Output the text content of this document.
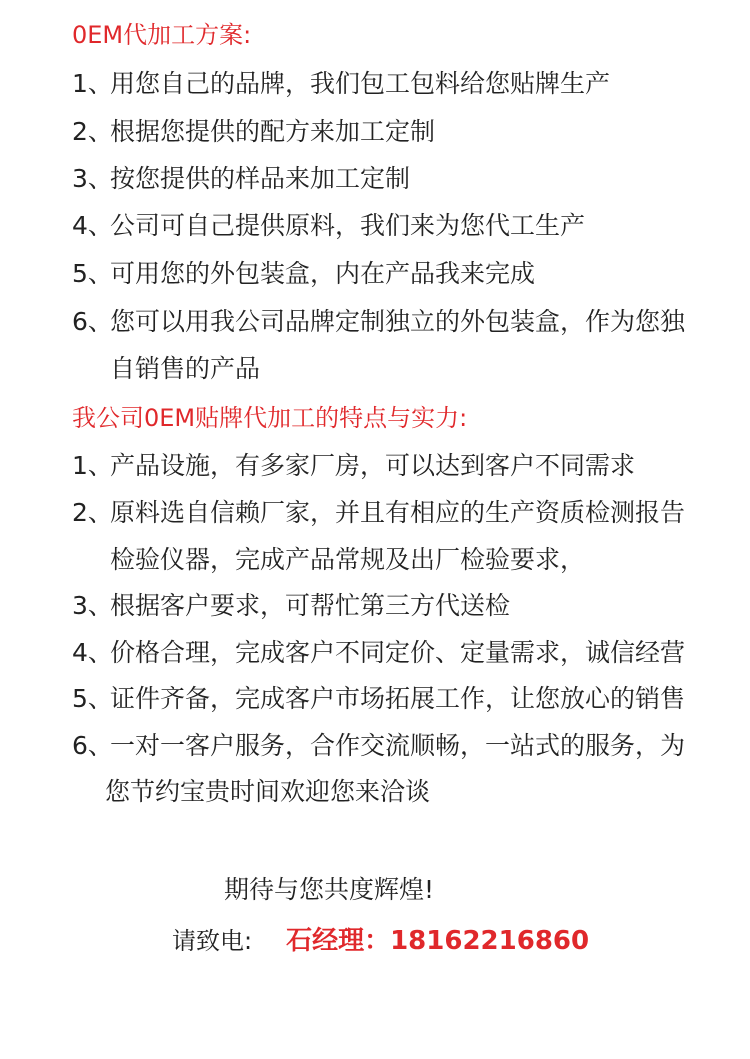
0EM代加工方案:
1、用您自己的品牌，我们包工包料给您贴牌生产
2、根据您提供的配方来加工定制
3、按您提供的样品来加工定制
4、公司可自己提供原料，我们来为您代工生产
5、可用您的外包装盒，内在产品我来完成
6、您可以用我公司品牌定制独立的外包装盒，作为您独
自销售的产品
我公司0EM贴牌代加工的特点与实力:
1、产品设施，有多家厂房，可以达到客户不同需求
2、原料选自信赖厂家，并且有相应的生产资质检测报告
检验仪器，完成产品常规及出厂检验要求，
3、根据客户要求，可帮忙第三方代送检
4、价格合理，完成客户不同定价、定量需求，诚信经营
5、证件齐备，完成客户市场拓展工作，让您放心的销售
6、一对一客户服务，合作交流顺畅，一站式的服务，为
您节约宝贵时间欢迎您来洽谈
期待与您共度辉煌!
请致电: 石经理：18162216860
